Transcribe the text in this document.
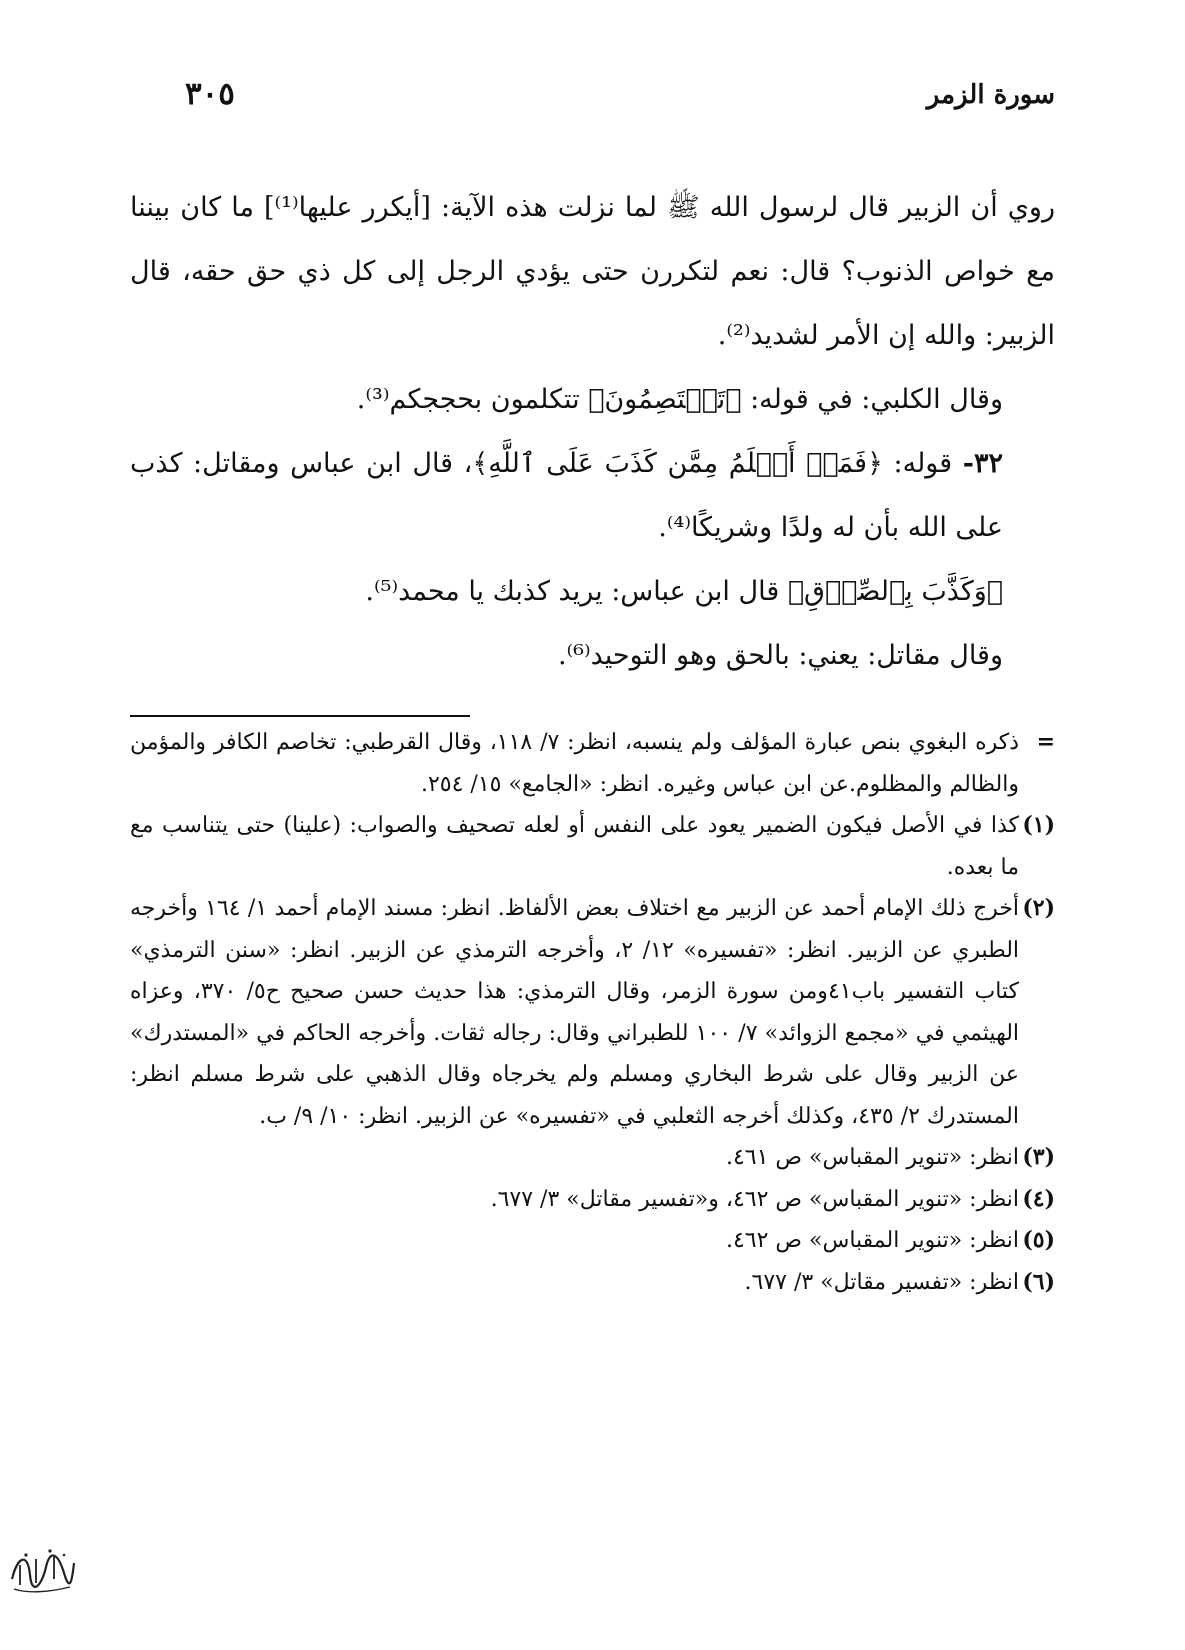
سورة الزمر
٣٠٥

روي أن الزبير قال لرسول الله ﷺ لما نزلت هذه الآية: [أيكرر عليها⁽¹⁾] ما كان بيننا مع خواص الذنوب؟ قال: نعم لتكررن حتى يؤدي الرجل إلى كل ذي حق حقه، قال الزبير: والله إن الأمر لشديد⁽²⁾.

وقال الكلبي: في قوله: ﴿تَخۡتَصِمُونَ﴾ تتكلمون بحججكم⁽³⁾.

٣٢- قوله: ﴿فَمَنۡ أَظۡلَمُ مِمَّن كَذَبَ عَلَى ٱللَّهِ﴾، قال ابن عباس ومقاتل: كذب على الله بأن له ولدًا وشريكًا⁽⁴⁾.

﴿وَكَذَّبَ بِٱلصِّدۡقِ﴾ قال ابن عباس: يريد كذبك يا محمد⁽⁵⁾.

وقال مقاتل: يعني: بالحق وهو التوحيد⁽⁶⁾.

=
ذكره البغوي بنص عبارة المؤلف ولم ينسبه، انظر: ٧/ ١١٨، وقال القرطبي: تخاصم الكافر والمؤمن والظالم والمظلوم.عن ابن عباس وغيره. انظر: «الجامع» ١٥/ ٢٥٤.

(١)
كذا في الأصل فيكون الضمير يعود على النفس أو لعله تصحيف والصواب: (علينا) حتى يتناسب مع ما بعده.

(٢)
أخرج ذلك الإمام أحمد عن الزبير مع اختلاف بعض الألفاظ. انظر: مسند الإمام أحمد ١/ ١٦٤ وأخرجه الطبري عن الزبير. انظر: «تفسيره» ١٢/ ٢، وأخرجه الترمذي عن الزبير. انظر: «سنن الترمذي» كتاب التفسير باب٤١ومن سورة الزمر، وقال الترمذي: هذا حديث حسن صحيح ح٥/ ٣٧٠، وعزاه الهيثمي في «مجمع الزوائد» ٧/ ١٠٠ للطبراني وقال: رجاله ثقات. وأخرجه الحاكم في «المستدرك» عن الزبير وقال على شرط البخاري ومسلم ولم يخرجاه وقال الذهبي على شرط مسلم انظر: المستدرك ٢/ ٤٣٥، وكذلك أخرجه الثعلبي في «تفسيره» عن الزبير. انظر: ١٠/ ٩/ ب.

(٣)
انظر: «تنوير المقباس» ص ٤٦١.

(٤)
انظر: «تنوير المقباس» ص ٤٦٢، و«تفسير مقاتل» ٣/ ٦٧٧.

(٥)
انظر: «تنوير المقباس» ص ٤٦٢.

(٦)
انظر: «تفسير مقاتل» ٣/ ٦٧٧.
